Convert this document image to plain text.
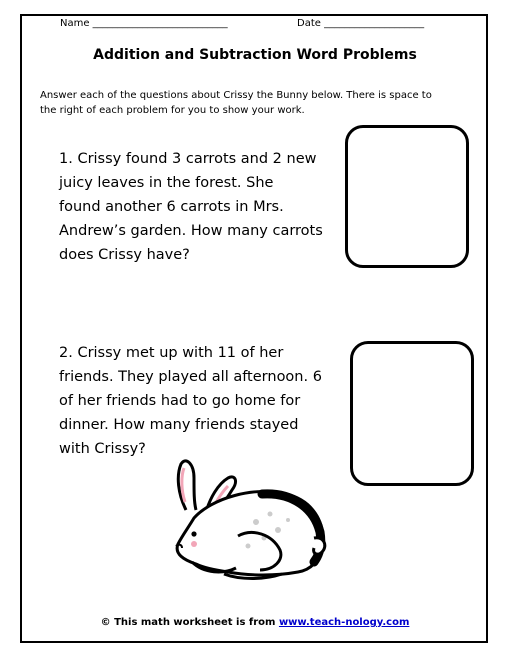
Name ___________________________	Date ____________________
Addition and Subtraction Word Problems
Answer each of the questions about Crissy the Bunny below. There is space to the right of each problem for you to show your work.
1. Crissy found 3 carrots and 2 new
juicy leaves in the forest. She
found another 6 carrots in Mrs.
Andrew’s garden. How many carrots
does Crissy have?
2. Crissy met up with 11 of her
friends. They played all afternoon. 6
of her friends had to go home for
dinner. How many friends stayed
with Crissy?
© This math worksheet is from www.teach-nology.com
